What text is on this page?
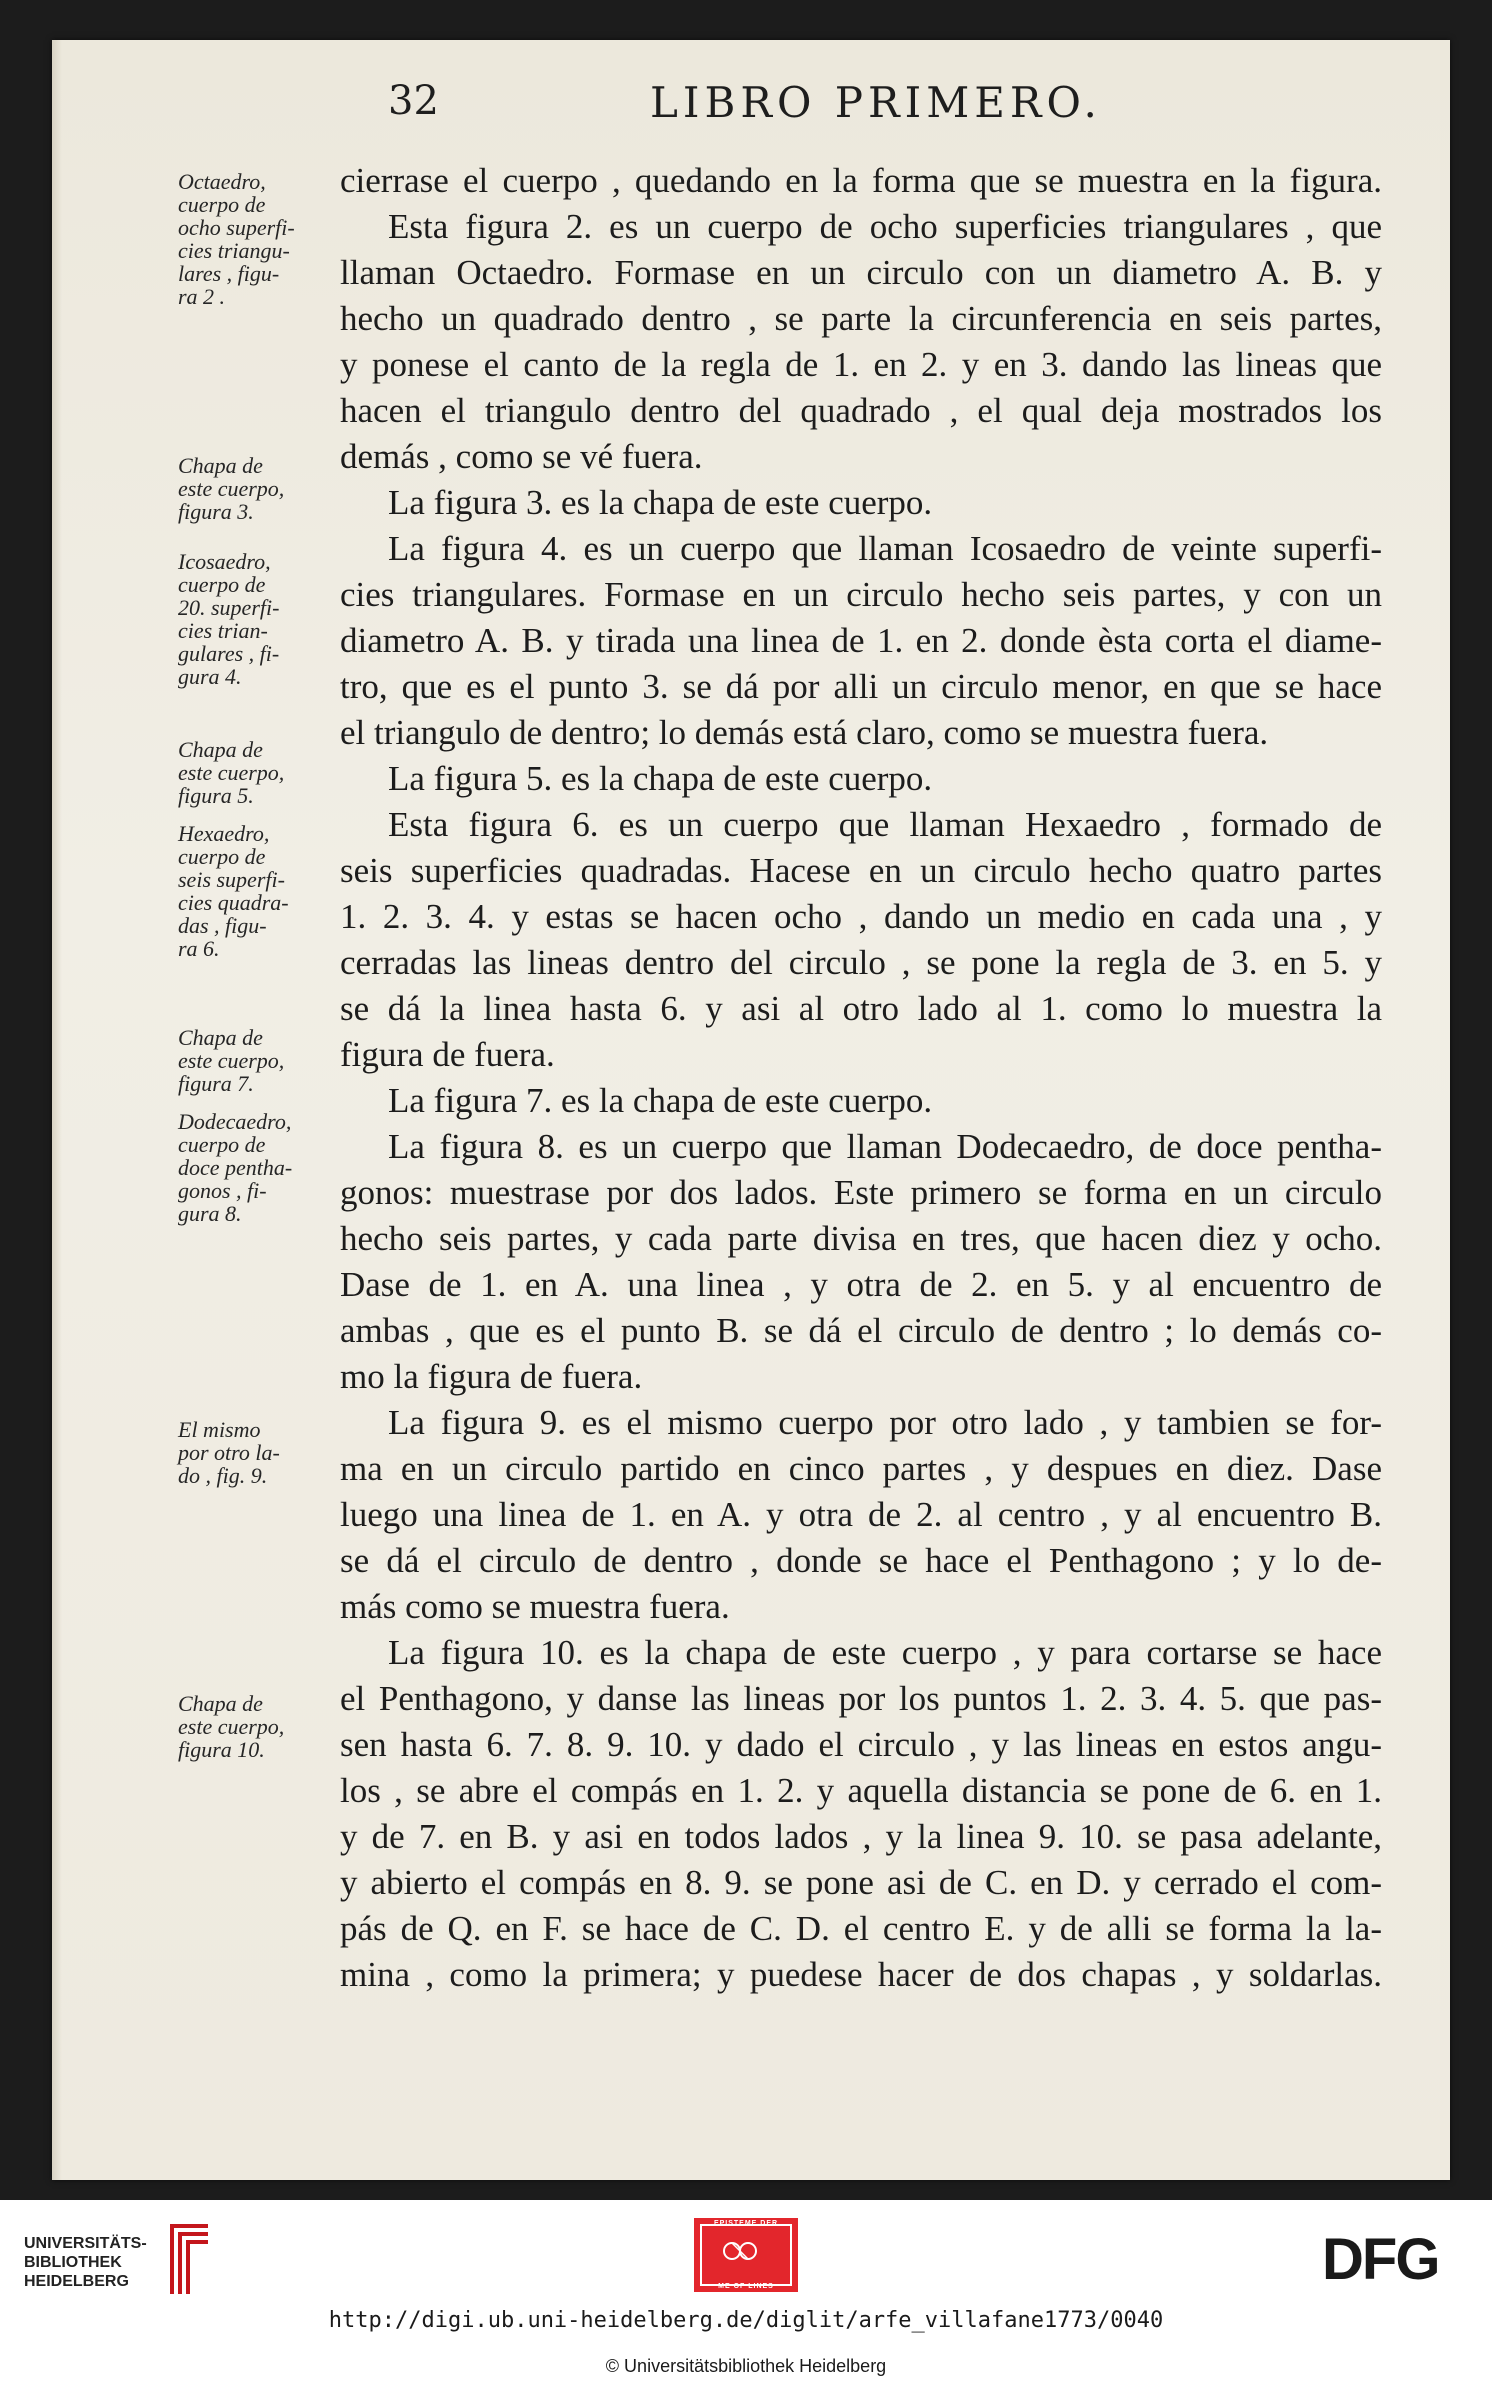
32	LIBRO PRIMERO.
Octaedro,
cuerpo de
ocho superfi-
cies triangu-
lares , figu-
ra 2 .
Chapa de
este cuerpo,
figura 3.
Icosaedro,
cuerpo de
20. superfi-
cies trian-
gulares , fi-
gura 4.
Chapa de
este cuerpo,
figura 5.
Hexaedro,
cuerpo de
seis superfi-
cies quadra-
das , figu-
ra 6.
Chapa de
este cuerpo,
figura 7.
Dodecaedro,
cuerpo de
doce pentha-
gonos , fi-
gura 8.
El mismo
por otro la-
do , fig. 9.
Chapa de
este cuerpo,
figura 10.
cierrase el cuerpo , quedando en la forma que se muestra en la figura.
Esta figura 2. es un cuerpo de ocho superficies triangulares , que
llaman Octaedro. Formase en un circulo con un diametro A. B. y
hecho un quadrado dentro , se parte la circunferencia en seis partes,
y ponese el canto de la regla de 1. en 2. y en 3. dando las lineas que
hacen el triangulo dentro del quadrado , el qual deja mostrados los
demás , como se vé fuera.
La figura 3. es la chapa de este cuerpo.
La figura 4. es un cuerpo que llaman Icosaedro de veinte superfi-
cies triangulares. Formase en un circulo hecho seis partes, y con un
diametro A. B. y tirada una linea de 1. en 2. donde èsta corta el diame-
tro, que es el punto 3. se dá por alli un circulo menor, en que se hace
el triangulo de dentro; lo demás está claro, como se muestra fuera.
La figura 5. es la chapa de este cuerpo.
Esta figura 6. es un cuerpo que llaman Hexaedro , formado de
seis superficies quadradas. Hacese en un circulo hecho quatro partes
1. 2. 3. 4. y estas se hacen ocho , dando un medio en cada una , y
cerradas las lineas dentro del circulo , se pone la regla de 3. en 5. y
se dá la linea hasta 6. y asi al otro lado al 1. como lo muestra la
figura de fuera.
La figura 7. es la chapa de este cuerpo.
La figura 8. es un cuerpo que llaman Dodecaedro, de doce pentha-
gonos: muestrase por dos lados. Este primero se forma en un circulo
hecho seis partes, y cada parte divisa en tres, que hacen diez y ocho.
Dase de 1. en A. una linea , y otra de 2. en 5. y al encuentro de
ambas , que es el punto B. se dá el circulo de dentro ; lo demás co-
mo la figura de fuera.
La figura 9. es el mismo cuerpo por otro lado , y tambien se for-
ma en un circulo partido en cinco partes , y despues en diez. Dase
luego una linea de 1. en A. y otra de 2. al centro , y al encuentro B.
se dá el circulo de dentro , donde se hace el Penthagono ; y lo de-
más como se muestra fuera.
La figura 10. es la chapa de este cuerpo , y para cortarse se hace
el Penthagono, y danse las lineas por los puntos 1. 2. 3. 4. 5. que pas-
sen hasta 6. 7. 8. 9. 10. y dado el circulo , y las lineas en estos angu-
los , se abre el compás en 1. 2. y aquella distancia se pone de 6. en 1.
y de 7. en B. y asi en todos lados , y la linea 9. 10. se pasa adelante,
y abierto el compás en 8. 9. se pone asi de C. en D. y cerrado el com-
pás de Q. en F. se hace de C. D. el centro E. y de alli se forma la la-
mina , como la primera; y puedese hacer de dos chapas , y soldarlas.
UNIVERSITÄTS-
BIBLIOTHEK
HEIDELBERG
EPISTEME DER
ME OF LINES	DFG
http://digi.ub.uni-heidelberg.de/diglit/arfe_villafane1773/0040
© Universitätsbibliothek Heidelberg
